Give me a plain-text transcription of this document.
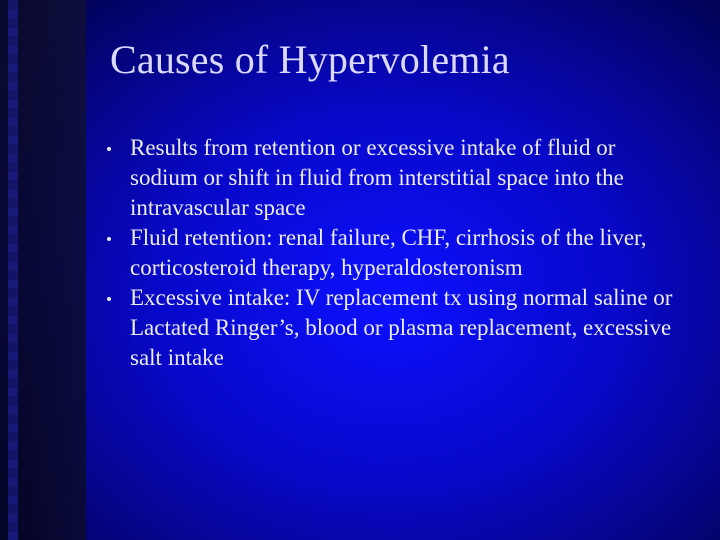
Causes of Hypervolemia
Results from retention or excessive intake of fluid or sodium or shift in fluid from interstitial space into the intravascular space
Fluid retention: renal failure, CHF, cirrhosis of the liver, corticosteroid therapy, hyperaldosteronism
Excessive intake: IV replacement tx using normal saline or Lactated Ringer’s, blood or plasma replacement, excessive salt intake
